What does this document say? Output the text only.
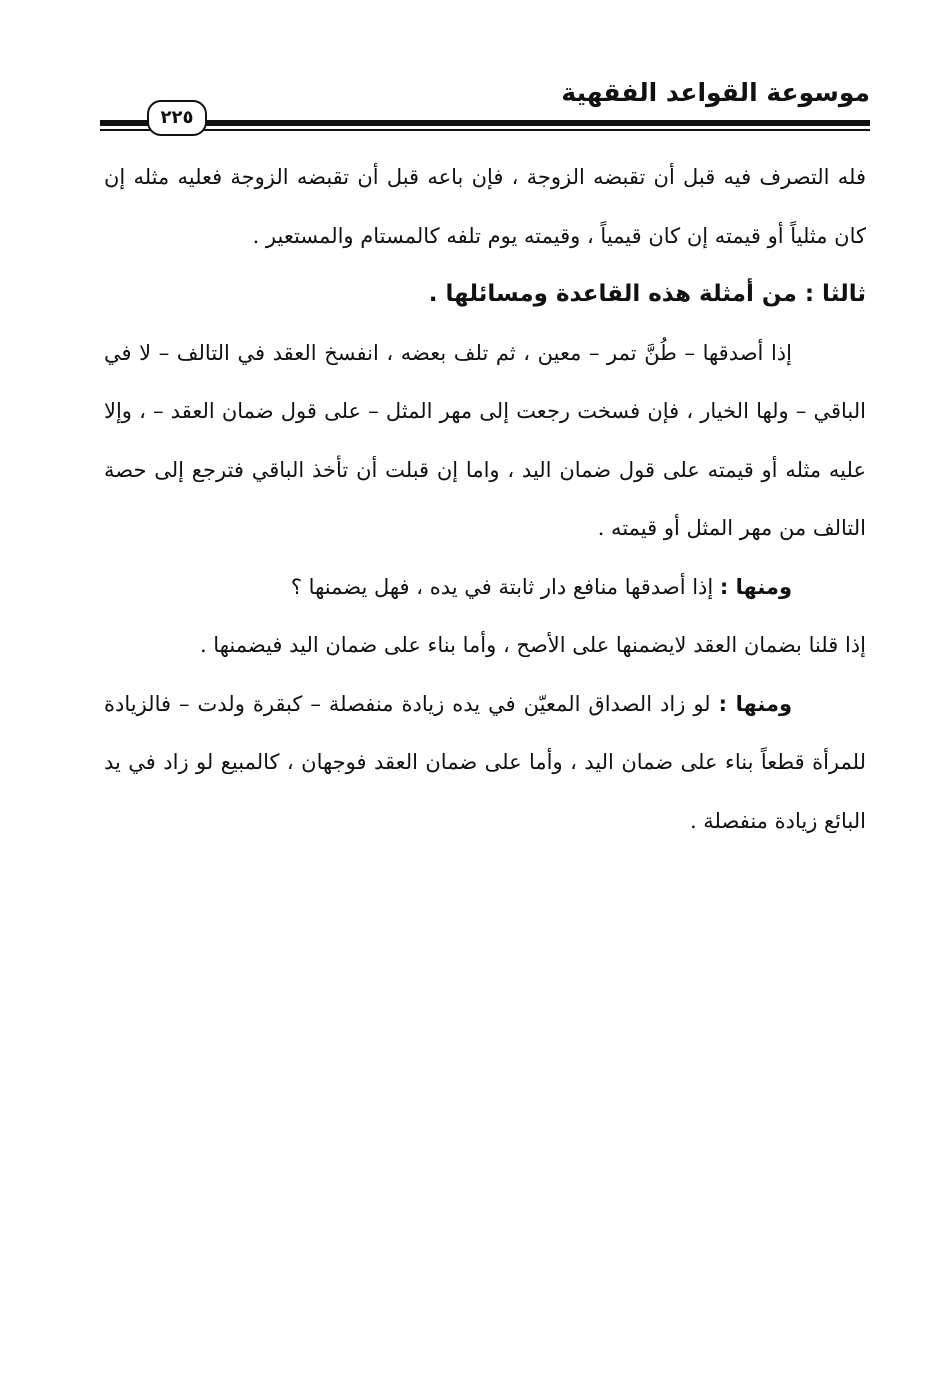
موسوعة القواعد الفقهية
٢٢٥

فله التصرف فيه قبل أن تقبضه الزوجة ، فإن باعه قبل أن تقبضه الزوجة فعليه مثله إن كان مثلياً أو قيمته إن كان قيمياً ، وقيمته يوم تلفه كالمستام والمستعير .

ثالثا : من أمثلة هذه القاعدة ومسائلها .

إذا أصدقها – طُنَّ تمر – معين ، ثم تلف بعضه ، انفسخ العقد في التالف – لا في الباقي – ولها الخيار ، فإن فسخت رجعت إلى مهر المثل – على قول ضمان العقد – ، وإلا عليه مثله أو قيمته على قول ضمان اليد ، واما إن قبلت أن تأخذ الباقي فترجع إلى حصة التالف من مهر المثل أو قيمته .

ومنها : إذا أصدقها منافع دار ثابتة في يده ، فهل يضمنها ؟

إذا قلنا بضمان العقد لايضمنها على الأصح ، وأما بناء على ضمان اليد فيضمنها .

ومنها : لو زاد الصداق المعيّن في يده زيادة منفصلة – كبقرة ولدت – فالزيادة للمرأة قطعاً بناء على ضمان اليد ، وأما على ضمان العقد فوجهان ، كالمبيع لو زاد في يد البائع زيادة منفصلة .
